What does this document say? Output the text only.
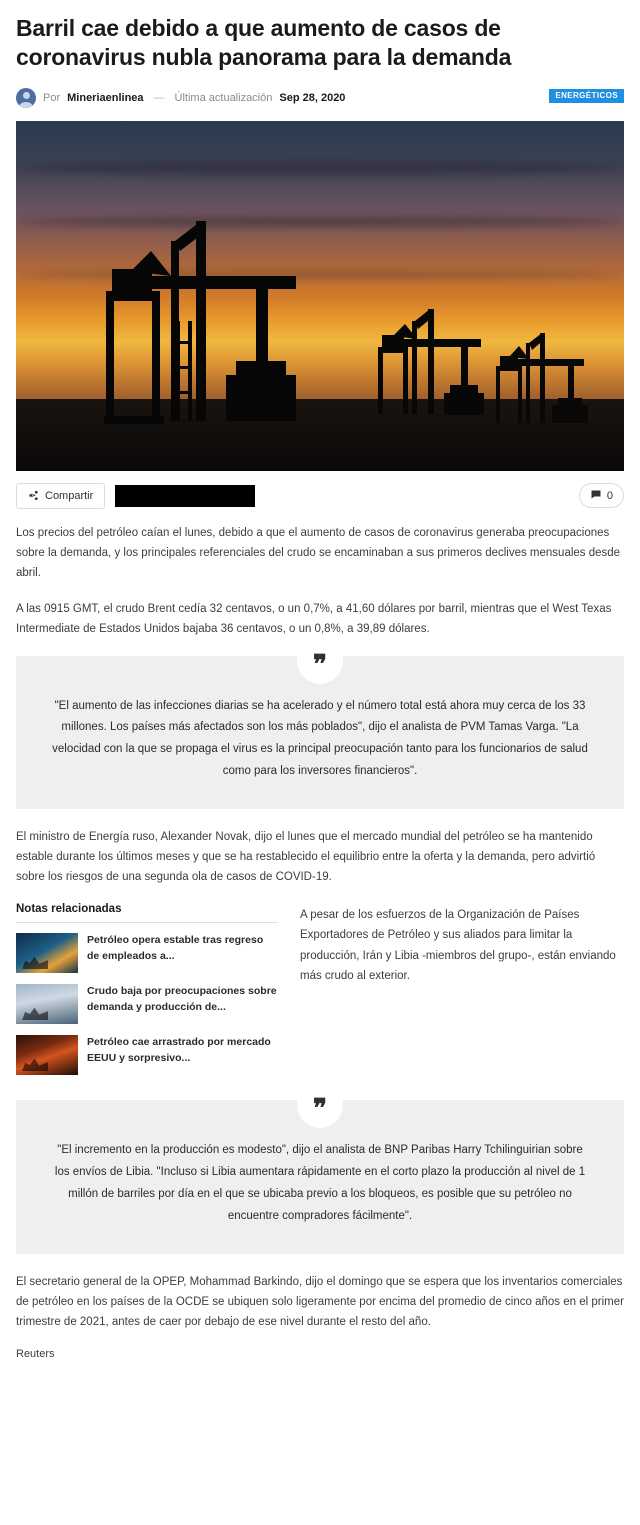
Barril cae debido a que aumento de casos de coronavirus nubla panorama para la demanda
Por Mineriaenlinea — Última actualización Sep 28, 2020	ENERGÉTICOS
Compartir	0

Los precios del petróleo caían el lunes, debido a que el aumento de casos de coronavirus generaba preocupaciones sobre la demanda, y los principales referenciales del crudo se encaminaban a sus primeros declives mensuales desde abril.

A las 0915 GMT, el crudo Brent cedía 32 centavos, o un 0,7%, a 41,60 dólares por barril, mientras que el West Texas Intermediate de Estados Unidos bajaba 36 centavos, o un 0,8%, a 39,89 dólares.

❞

"El aumento de las infecciones diarias se ha acelerado y el número total está ahora muy cerca de los 33 millones. Los países más afectados son los más poblados", dijo el analista de PVM Tamas Varga. "La velocidad con la que se propaga el virus es la principal preocupación tanto para los funcionarios de salud como para los inversores financieros".

El ministro de Energía ruso, Alexander Novak, dijo el lunes que el mercado mundial del petróleo se ha mantenido estable durante los últimos meses y que se ha restablecido el equilibrio entre la oferta y la demanda, pero advirtió sobre los riesgos de una segunda ola de casos de COVID-19.

Notas relacionadas
Petróleo opera estable tras regreso de empleados a...
Crudo baja por preocupaciones sobre demanda y producción de...
Petróleo cae arrastrado por mercado EEUU y sorpresivo...

A pesar de los esfuerzos de la Organización de Países Exportadores de Petróleo y sus aliados para limitar la producción, Irán y Libia -miembros del grupo-, están enviando más crudo al exterior.

❞

"El incremento en la producción es modesto", dijo el analista de BNP Paribas Harry Tchilinguirian sobre los envíos de Libia. "Incluso si Libia aumentara rápidamente en el corto plazo la producción al nivel de 1 millón de barriles por día en el que se ubicaba previo a los bloqueos, es posible que su petróleo no encuentre compradores fácilmente".

El secretario general de la OPEP, Mohammad Barkindo, dijo el domingo que se espera que los inventarios comerciales de petróleo en los países de la OCDE se ubiquen solo ligeramente por encima del promedio de cinco años en el primer trimestre de 2021, antes de caer por debajo de ese nivel durante el resto del año.

Reuters
